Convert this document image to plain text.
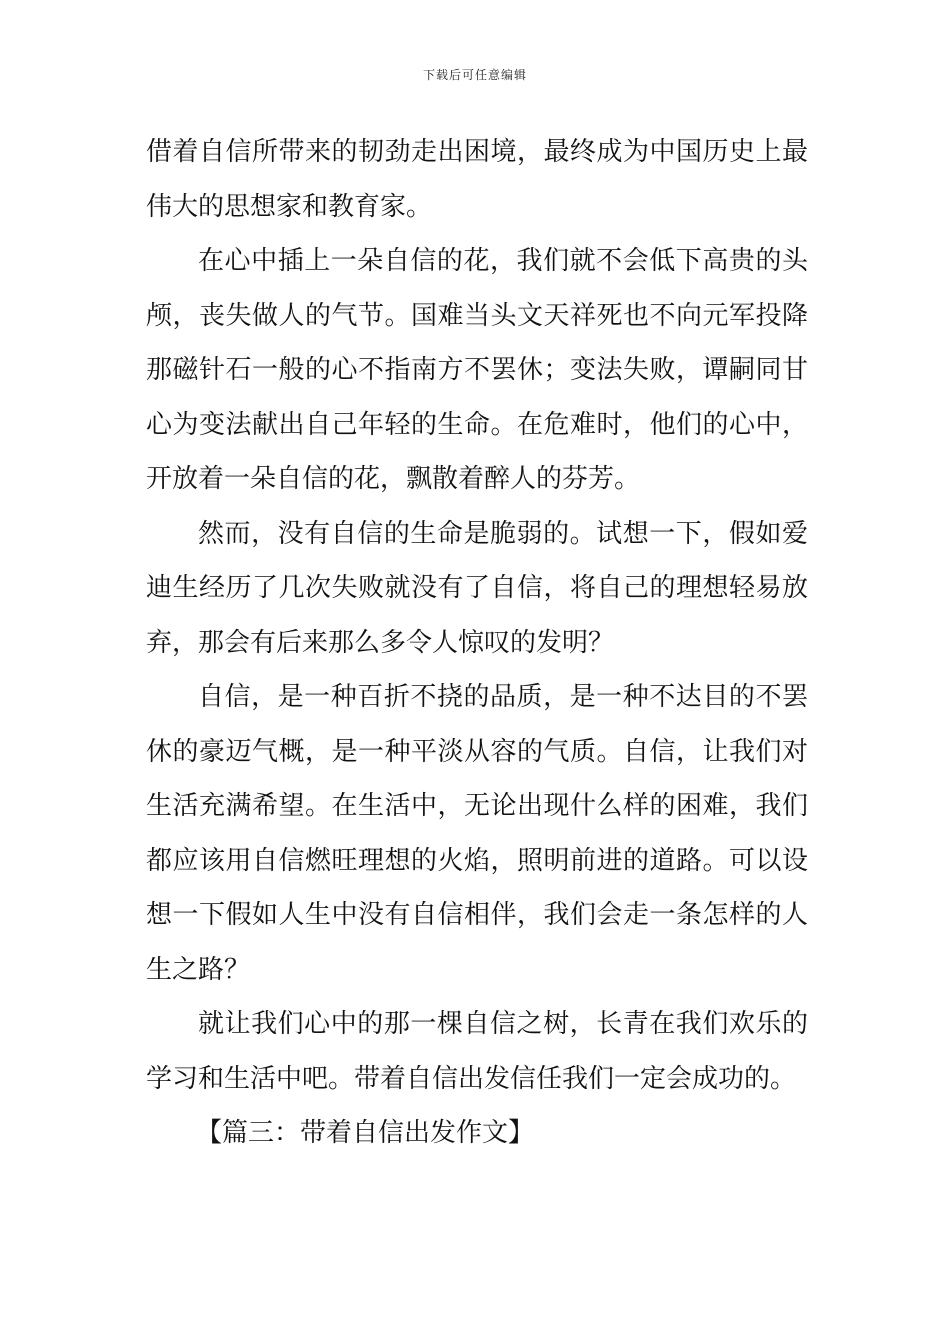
下载后可任意编辑

借着自信所带来的韧劲走出困境，最终成为中国历史上最伟大的思想家和教育家。

在心中插上一朵自信的花，我们就不会低下高贵的头颅，丧失做人的气节。国难当头文天祥死也不向元军投降那磁针石一般的心不指南方不罢休；变法失败，谭嗣同甘心为变法献出自己年轻的生命。在危难时，他们的心中，开放着一朵自信的花，飘散着醉人的芬芳。

然而，没有自信的生命是脆弱的。试想一下，假如爱迪生经历了几次失败就没有了自信，将自己的理想轻易放弃，那会有后来那么多令人惊叹的发明？

自信，是一种百折不挠的品质，是一种不达目的不罢休的豪迈气概，是一种平淡从容的气质。自信，让我们对生活充满希望。在生活中，无论出现什么样的困难，我们都应该用自信燃旺理想的火焰，照明前进的道路。可以设想一下假如人生中没有自信相伴，我们会走一条怎样的人生之路？

就让我们心中的那一棵自信之树，长青在我们欢乐的学习和生活中吧。带着自信出发信任我们一定会成功的。

【篇三：带着自信出发作文】
